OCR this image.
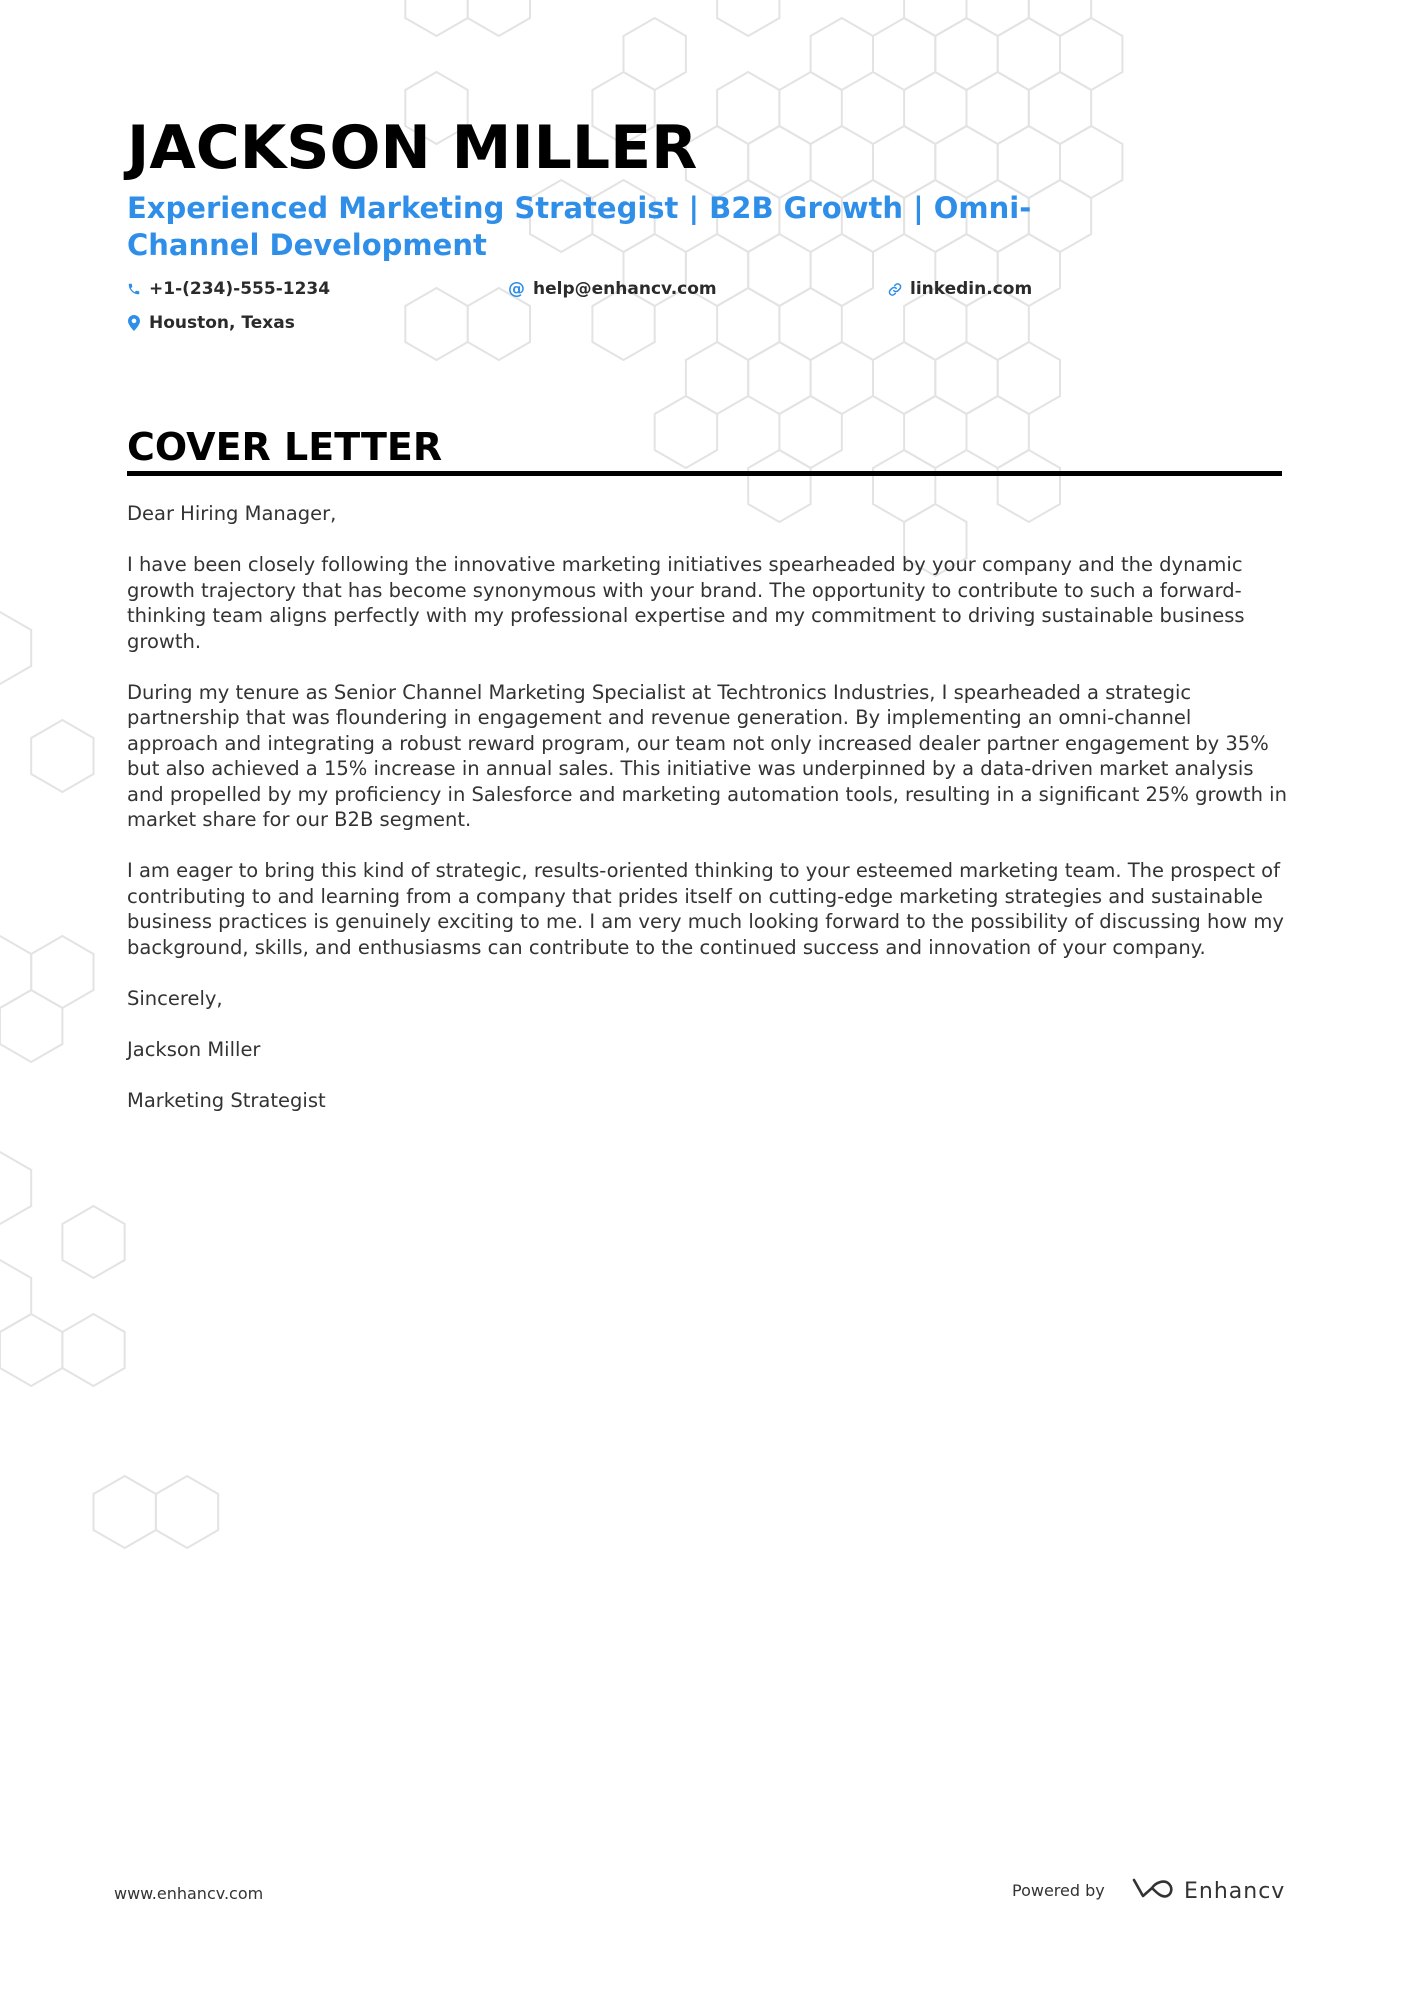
JACKSON MILLER
Experienced Marketing Strategist | B2B Growth | Omni-Channel Development
+1-(234)-555-1234	@ help@enhancv.com	linkedin.com
Houston, Texas
COVER LETTER

Dear Hiring Manager,

I have been closely following the innovative marketing initiatives spearheaded by your company and the dynamic growth trajectory that has become synonymous with your brand. The opportunity to contribute to such a forward-thinking team aligns perfectly with my professional expertise and my commitment to driving sustainable business growth.

During my tenure as Senior Channel Marketing Specialist at Techtronics Industries, I spearheaded a strategic partnership that was floundering in engagement and revenue generation. By implementing an omni-channel approach and integrating a robust reward program, our team not only increased dealer partner engagement by 35% but also achieved a 15% increase in annual sales. This initiative was underpinned by a data-driven market analysis and propelled by my proficiency in Salesforce and marketing automation tools, resulting in a significant 25% growth in market share for our B2B segment.

I am eager to bring this kind of strategic, results-oriented thinking to your esteemed marketing team. The prospect of contributing to and learning from a company that prides itself on cutting-edge marketing strategies and sustainable business practices is genuinely exciting to me. I am very much looking forward to the possibility of discussing how my background, skills, and enthusiasms can contribute to the continued success and innovation of your company.

Sincerely,

Jackson Miller

Marketing Strategist

www.enhancv.com	Powered by	Enhancv
